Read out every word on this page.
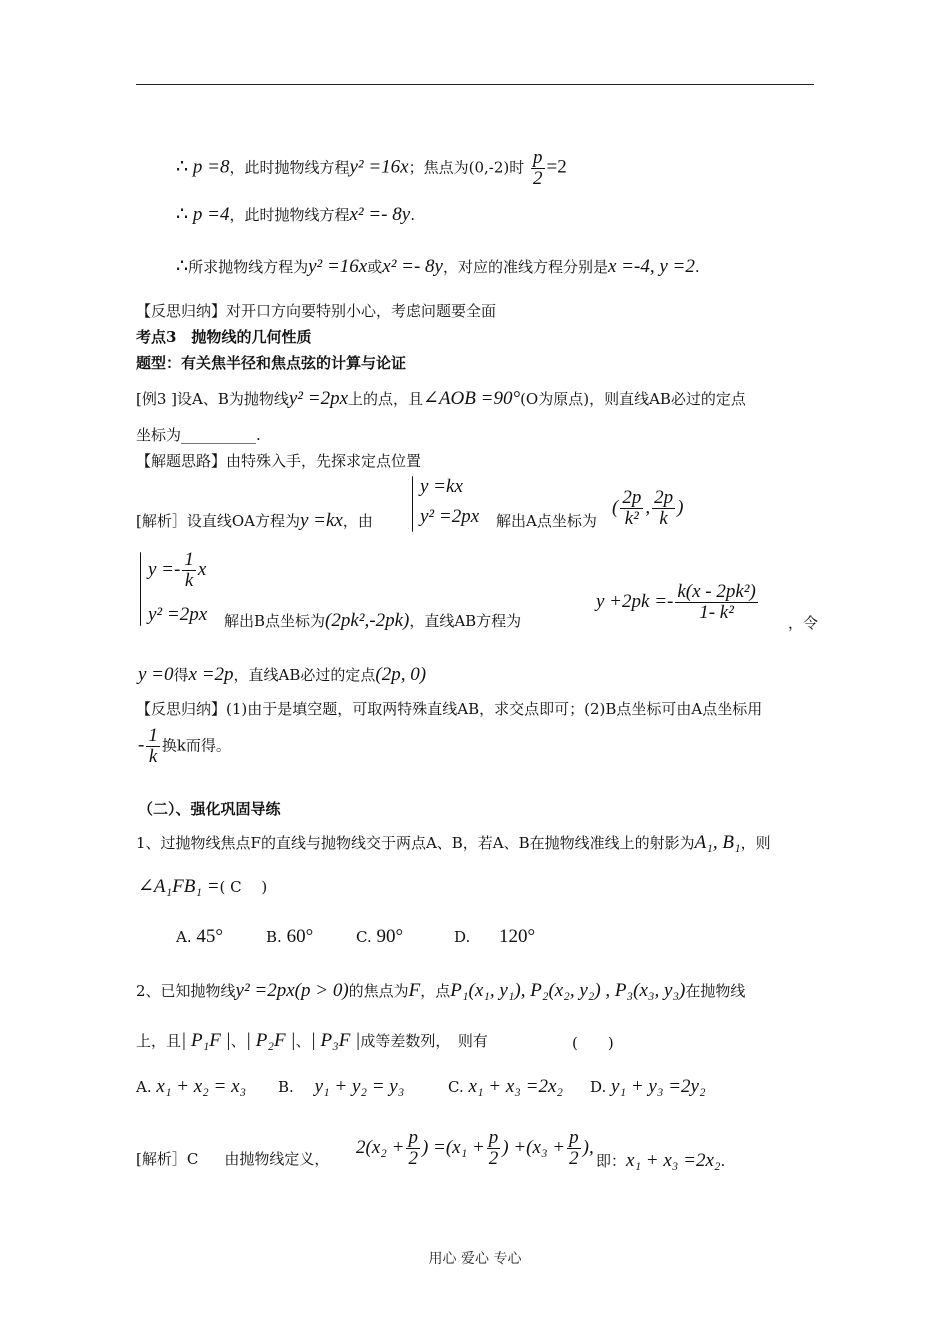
∴ p =8，此时抛物线方程y² =16x；焦点为(0,-2)时 $\frac{p}{2} =2$
∴ p =4，此时抛物线方程x² =- 8y.
∴所求抛物线方程为y² =16x或x² =- 8y，对应的准线方程分别是x =-4, y =2.
【反思归纳】对开口方向要特别小心，考虑问题要全面
考点3　抛物线的几何性质
题型：有关焦半径和焦点弦的计算与论证
[例3 ]设A、B为抛物线y² =2px上的点，且∠AOB =90°(O为原点)，则直线AB必过的定点
坐标为__________.
【解题思路】由特殊入手，先探求定点位置
[解析］设直线OA方程为y =kx，由
y =kx
y² =2px 解出A点坐标为
( $\frac{2p}{\text{k²}}$ , $\frac{2p}{k}$ )
$y =- \frac{1}{k}$ x
y² =2px 解出B点坐标为(2pk²,-2pk)，直线AB方程为
$y +2pk =- \frac{\text{k(x - 2pk²)}}{\text{1- k²}}$
，令
y =0得x =2p，直线AB必过的定点(2p, 0)
【反思归纳】(1)由于是填空题，可取两特殊直线AB，求交点即可；(2)B点坐标可由A点坐标用
- $\frac{1}{k}$ 换k而得。
（二）、强化巩固导练
1、过抛物线焦点F的直线与抛物线交于两点A、B，若A、B在抛物线准线上的射影为A₁, B₁，则
∠A₁FB₁ =( C　 )
A. 45°	B. 60°	C. 90°	D. 120°
2、已知抛物线y² =2px(p > 0)的焦点为F，点P₁(x₁, y₁), P₂(x₂, y₂) , P₃(x₃, y₃)在抛物线
上，且| P₁F |、| P₂F |、| P₃F |成等差数列，　则有	(　　)
A. x₁ + x₂ = x₃ B. y₁ + y₂ = y₃	C. x₁ + x₃ =2x₂ D. y₁ + y₃ =2y₂
[解析］C 由抛物线定义，
$2(x_2 + \frac{p}{2}$ ) $=(x_1 + \frac{p}{2}$ ) $+(x_3 + \frac{p}{2}$ ),
即：x₁ + x₃ =2x₂.
用心 爱心 专心
